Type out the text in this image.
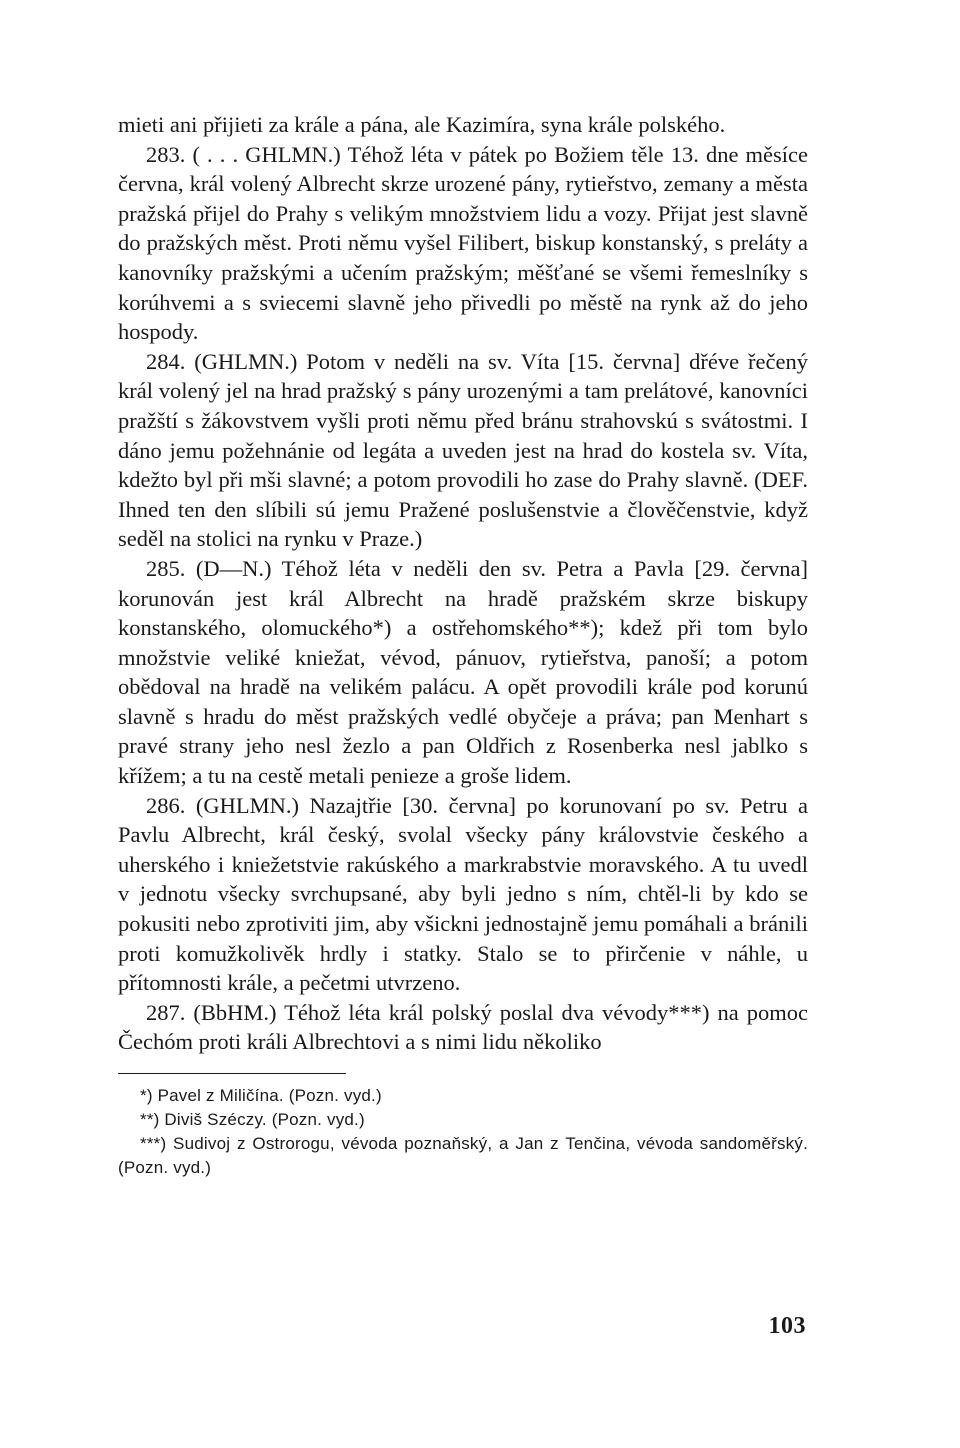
mieti ani přijieti za krále a pána, ale Kazimíra, syna krále polského.

283. ( . . . GHLMN.) Téhož léta v pátek po Božiem těle 13. dne měsíce června, král volený Albrecht skrze urozené pány, rytieřstvo, zemany a města pražská přijel do Prahy s velikým množstviem lidu a vozy. Přijat jest slavně do pražských měst. Proti němu vyšel Filibert, biskup konstanský, s preláty a kanovníky pražskými a učením pražským; měšťané se všemi řemeslníky s korúhvemi a s sviecemi slavně jeho přivedli po městě na rynk až do jeho hospody.

284. (GHLMN.) Potom v neděli na sv. Víta [15. června] dřéve řečený král volený jel na hrad pražský s pány urozenými a tam prelátové, kanovníci pražští s žákovstvem vyšli proti němu před bránu strahovskú s svátostmi. I dáno jemu požehnánie od legáta a uveden jest na hrad do kostela sv. Víta, kdežto byl při mši slavné; a potom provodili ho zase do Prahy slavně. (DEF. Ihned ten den slíbili sú jemu Pražené poslušenstvie a člověčenstvie, když seděl na stolici na rynku v Praze.)

285. (D—N.) Téhož léta v neděli den sv. Petra a Pavla [29. června] korunován jest král Albrecht na hradě pražském skrze biskupy konstanského, olomuckého*) a ostřehomského**); kdež při tom bylo množstvie veliké kniežat, vévod, pánuov, rytieřstva, panoší; a potom obědoval na hradě na velikém palácu. A opět provodili krále pod korunú slavně s hradu do měst pražských vedlé obyčeje a práva; pan Menhart s pravé strany jeho nesl žezlo a pan Oldřich z Rosenberka nesl jablko s křížem; a tu na cestě metali penieze a groše lidem.

286. (GHLMN.) Nazajtřie [30. června] po korunovaní po sv. Petru a Pavlu Albrecht, král český, svolal všecky pány královstvie českého a uherského i kniežetstvie rakúského a markrabstvie moravského. A tu uvedl v jednotu všecky svrchupsané, aby byli jedno s ním, chtěl-li by kdo se pokusiti nebo zprotiviti jim, aby všickni jednostajně jemu pomáhali a bránili proti komužkolivěk hrdly i statky. Stalo se to přirčenie v náhle, u přítomnosti krále, a pečetmi utvrzeno.

287. (BbHM.) Téhož léta král polský poslal dva vévody***) na pomoc Čechóm proti králi Albrechtovi a s nimi lidu několiko

*) Pavel z Miličína. (Pozn. vyd.)

**) Diviš Széczy. (Pozn. vyd.)

***) Sudivoj z Ostrorogu, vévoda poznaňský, a Jan z Tenčina, vévoda sandoměřský. (Pozn. vyd.)

103
